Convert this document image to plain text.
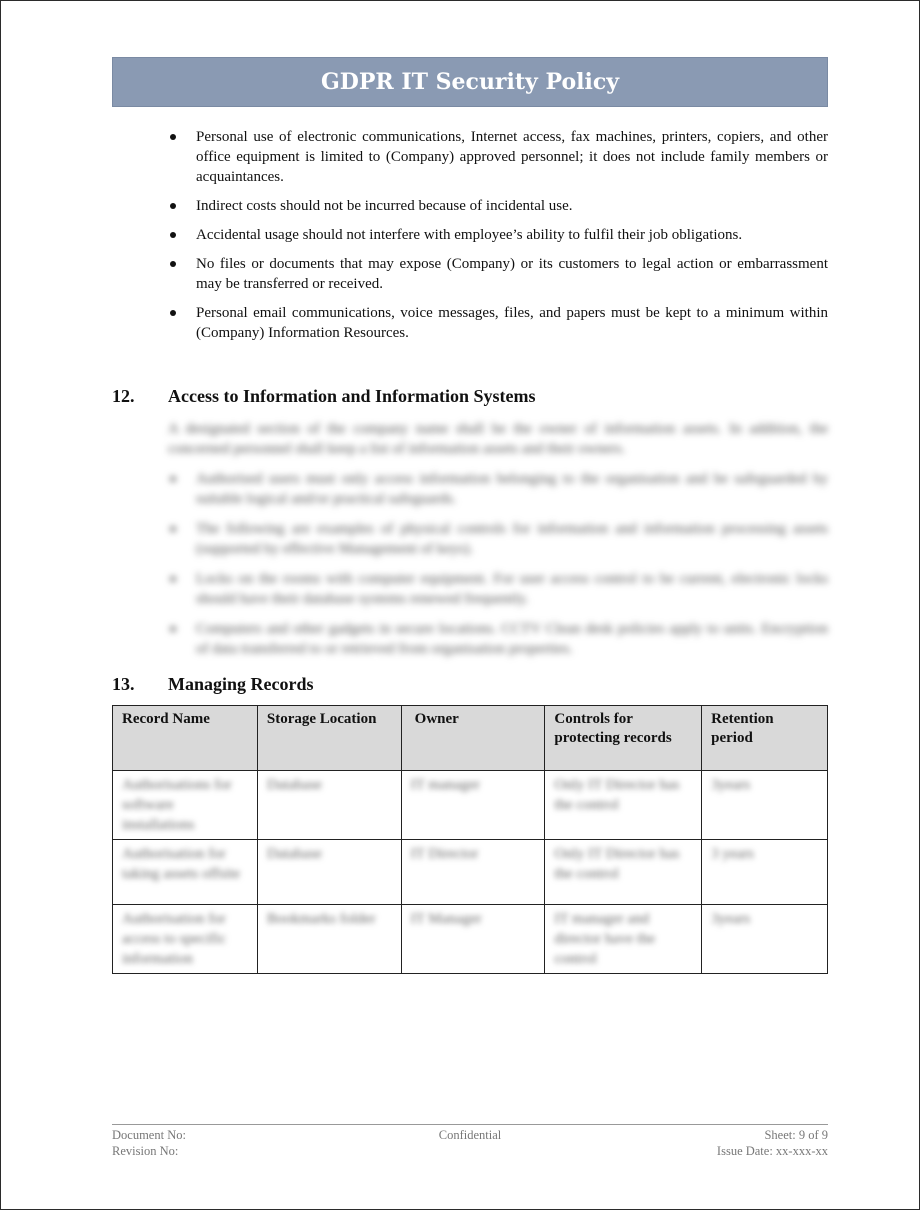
GDPR IT Security Policy
Personal use of electronic communications, Internet access, fax machines, printers, copiers, and other office equipment is limited to (Company) approved personnel; it does not include family members or acquaintances.
Indirect costs should not be incurred because of incidental use.
Accidental usage should not interfere with employee’s ability to fulfil their job obligations.
No files or documents that may expose (Company) or its customers to legal action or embarrassment may be transferred or received.
Personal email communications, voice messages, files, and papers must be kept to a minimum within (Company) Information Resources.
12.	Access to Information and Information Systems

A designated section of the company name shall be the owner of information assets. In addition, the concerned personnel shall keep a list of information assets and their owners.

Authorised users must only access information belonging to the organisation and be safeguarded by suitable logical and/or practical safeguards.
The following are examples of physical controls for information and information processing assets (supported by effective Management of keys).
Locks on the rooms with computer equipment. For user access control to be current, electronic locks should have their database systems renewed frequently.
Computers and other gadgets in secure locations. CCTV Clean desk policies apply to units. Encryption of data transferred to or retrieved from organisation properties.
13.	Managing Records
Record Name	Storage Location	Owner	Controls for protecting records	Retention period

Authorisations for software installations	Database	IT manager	Only IT Director has the control	3years

Authorisation for taking assets offsite	Database	IT Director	Only IT Director has the control	3 years

Authorisation for access to specific information	Bookmarks folder	IT Manager	IT manager and director have the control	3years
Document No:	Confidential	Sheet: 9 of 9
Revision No:	Issue Date: xx-xxx-xx
